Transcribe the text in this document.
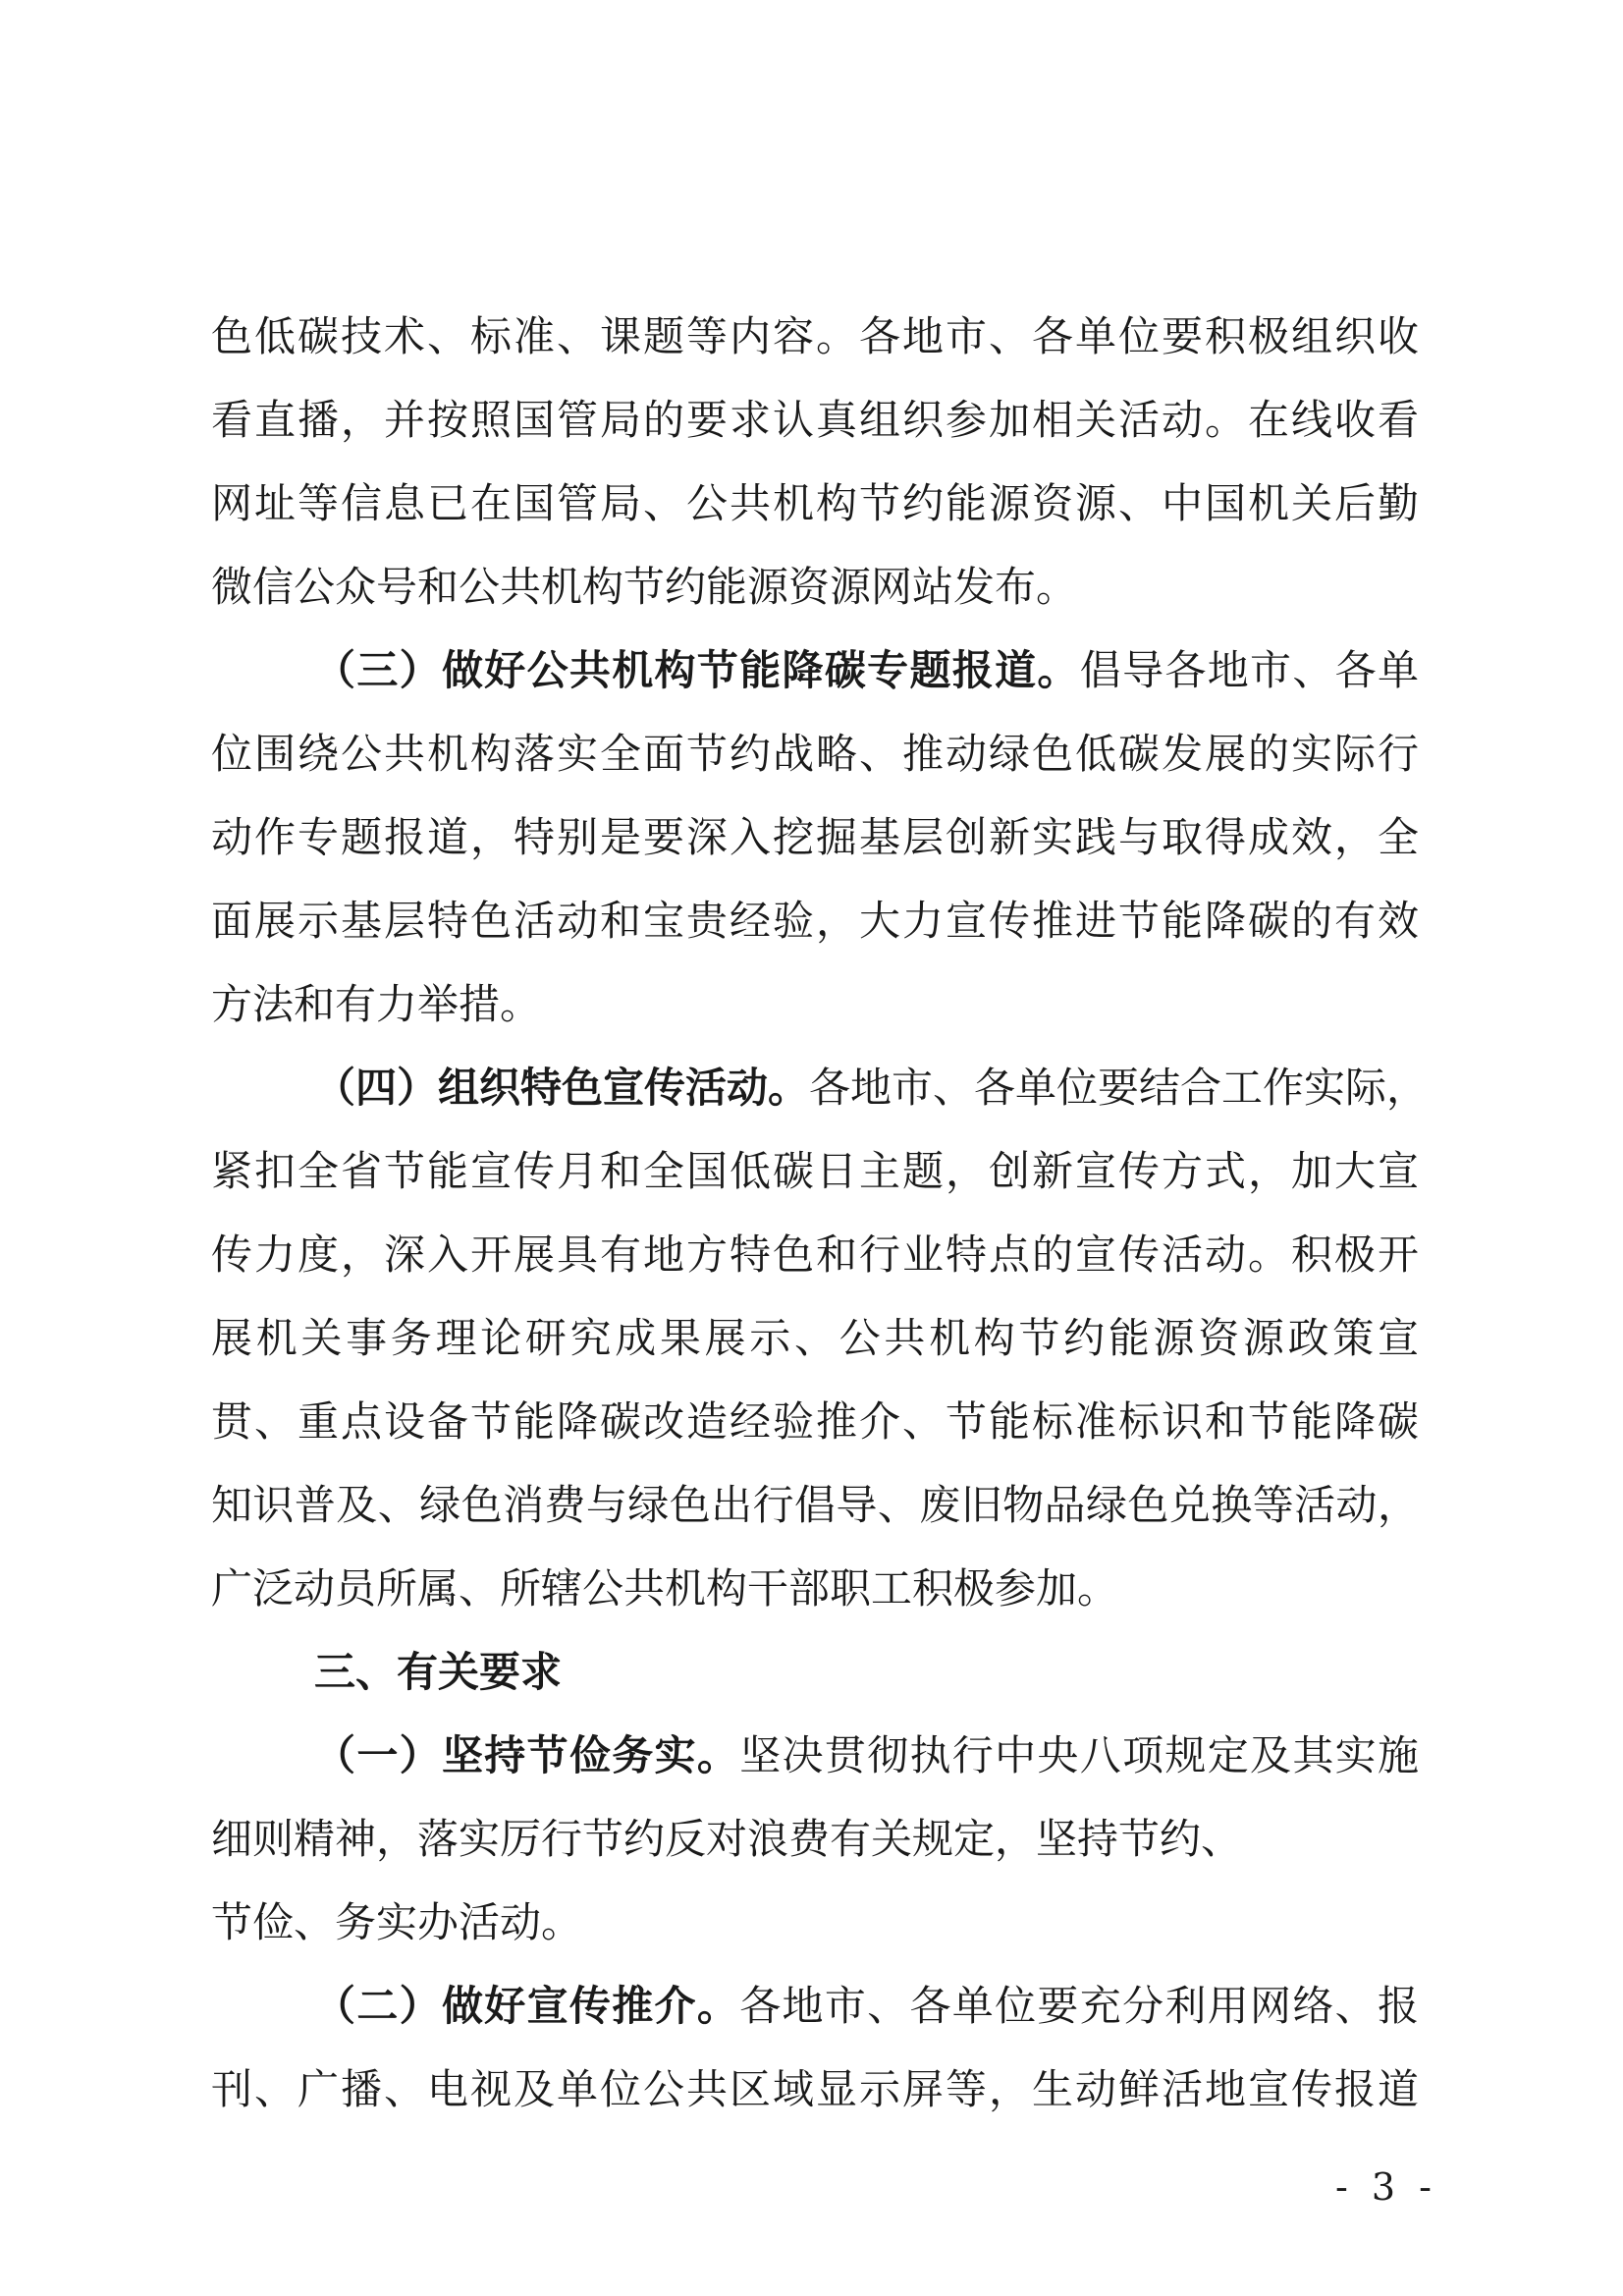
色低碳技术、标准、课题等内容。各地市、各单位要积极组织收
看直播，并按照国管局的要求认真组织参加相关活动。在线收看
网址等信息已在国管局、公共机构节约能源资源、中国机关后勤
微信公众号和公共机构节约能源资源网站发布。
（三）做好公共机构节能降碳专题报道。倡导各地市、各单
位围绕公共机构落实全面节约战略、推动绿色低碳发展的实际行
动作专题报道，特别是要深入挖掘基层创新实践与取得成效，全
面展示基层特色活动和宝贵经验，大力宣传推进节能降碳的有效
方法和有力举措。
（四）组织特色宣传活动。各地市、各单位要结合工作实际，
紧扣全省节能宣传月和全国低碳日主题，创新宣传方式，加大宣
传力度，深入开展具有地方特色和行业特点的宣传活动。积极开
展机关事务理论研究成果展示、公共机构节约能源资源政策宣
贯、重点设备节能降碳改造经验推介、节能标准标识和节能降碳
知识普及、绿色消费与绿色出行倡导、废旧物品绿色兑换等活动，
广泛动员所属、所辖公共机构干部职工积极参加。
三、有关要求
（一）坚持节俭务实。坚决贯彻执行中央八项规定及其实施
细则精神，落实厉行节约反对浪费有关规定，坚持节约、
节俭、务实办活动。
（二）做好宣传推介。各地市、各单位要充分利用网络、报
刊、广播、电视及单位公共区域显示屏等，生动鲜活地宣传报道
- 3 -
